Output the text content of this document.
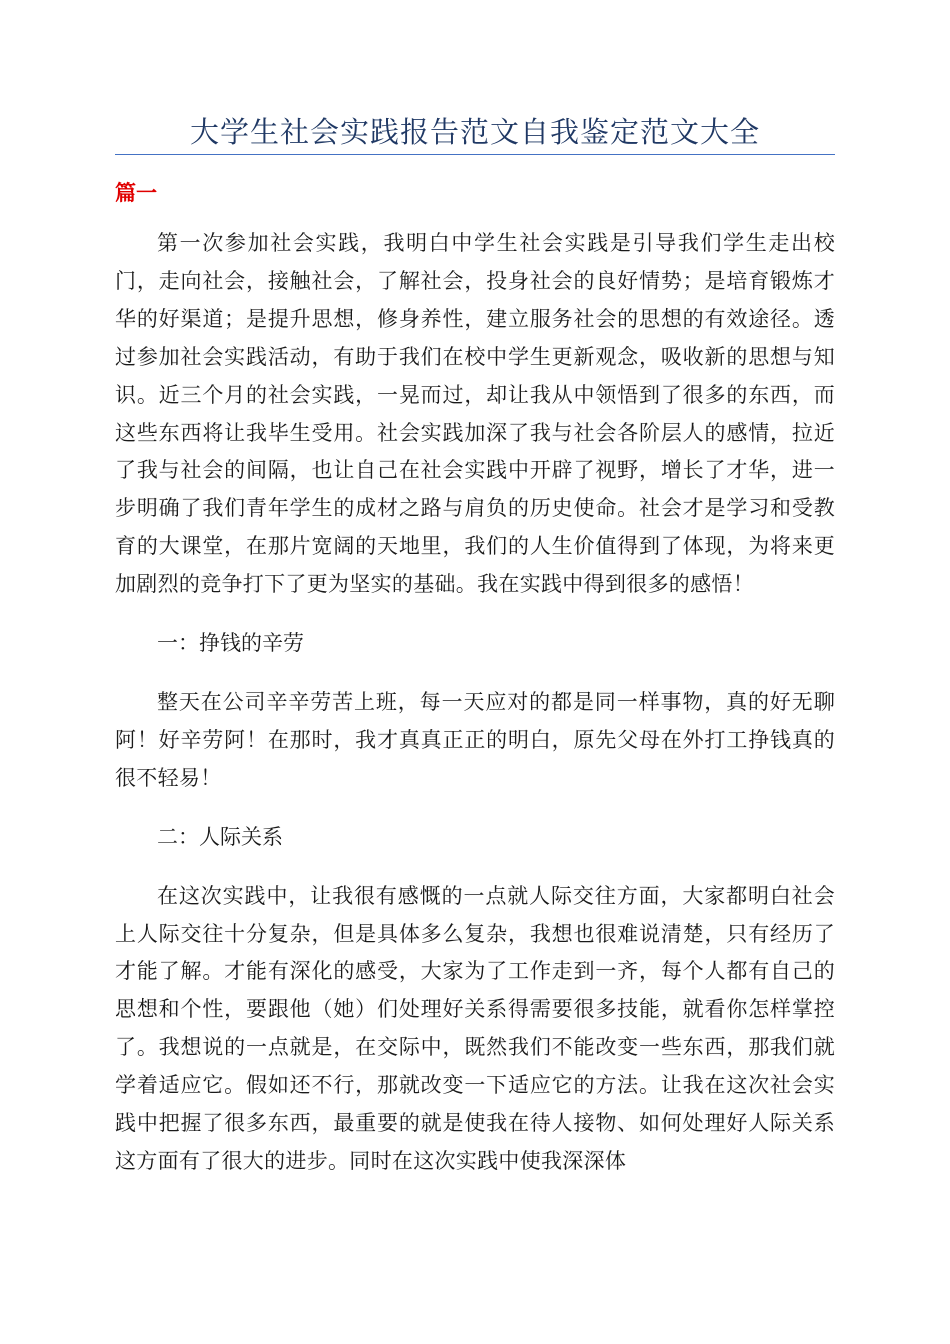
大学生社会实践报告范文自我鉴定范文大全
篇一

第一次参加社会实践，我明白中学生社会实践是引导我们学生走出校门，走向社会，接触社会，了解社会，投身社会的良好情势；是培育锻炼才华的好渠道；是提升思想，修身养性，建立服务社会的思想的有效途径。透过参加社会实践活动，有助于我们在校中学生更新观念，吸收新的思想与知识。近三个月的社会实践，一晃而过，却让我从中领悟到了很多的东西，而这些东西将让我毕生受用。社会实践加深了我与社会各阶层人的感情，拉近了我与社会的间隔，也让自己在社会实践中开辟了视野，增长了才华，进一步明确了我们青年学生的成材之路与肩负的历史使命。社会才是学习和受教育的大课堂，在那片宽阔的天地里，我们的人生价值得到了体现，为将来更加剧烈的竞争打下了更为坚实的基础。我在实践中得到很多的感悟！

一：挣钱的辛劳

整天在公司辛辛劳苦上班，每一天应对的都是同一样事物，真的好无聊阿！好辛劳阿！在那时，我才真真正正的明白，原先父母在外打工挣钱真的很不轻易！

二：人际关系

在这次实践中，让我很有感慨的一点就人际交往方面，大家都明白社会上人际交往十分复杂，但是具体多么复杂，我想也很难说清楚，只有经历了才能了解。才能有深化的感受，大家为了工作走到一齐，每个人都有自己的思想和个性，要跟他（她）们处理好关系得需要很多技能，就看你怎样掌控了。我想说的一点就是，在交际中，既然我们不能改变一些东西，那我们就学着适应它。假如还不行，那就改变一下适应它的方法。让我在这次社会实践中把握了很多东西，最重要的就是使我在待人接物、如何处理好人际关系这方面有了很大的进步。同时在这次实践中使我深深体
